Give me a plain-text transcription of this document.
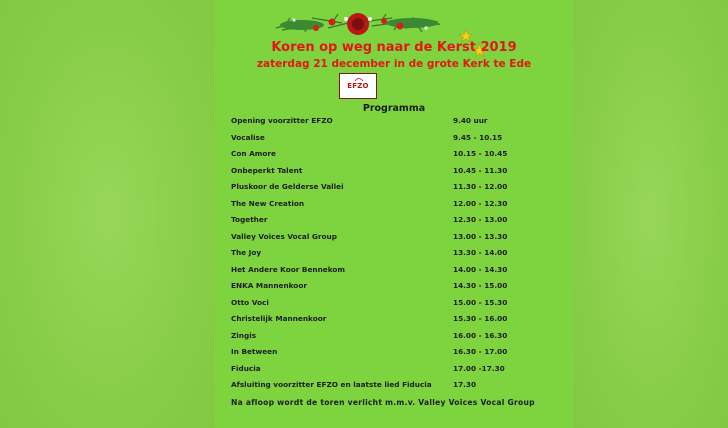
Koren op weg naar de Kerst 2019
zaterdag 21 december in de grote Kerk te Ede
EFZO
Programma
Opening voorzitter EFZO	9.40 uur
Vocalise	9.45 - 10.15
Con Amore	10.15 - 10.45
Onbeperkt Talent	10.45 - 11.30
Pluskoor de Gelderse Vallei	11.30 - 12.00
The New Creation	12.00 - 12.30
Together	12.30 - 13.00
Valley Voices Vocal Group	13.00 - 13.30
The Joy	13.30 - 14.00
Het Andere Koor Bennekom	14.00 - 14.30
ENKA Mannenkoor	14.30 - 15.00
Otto Voci	15.00 - 15.30
Christelijk Mannenkoor	15.30 - 16.00
Zingis	16.00 - 16.30
In Between	16.30 - 17.00
Fiducia	17.00 -17.30
Afsluiting voorzitter EFZO en laatste lied Fiducia	17.30
Na afloop wordt de toren verlicht m.m.v. Valley Voices Vocal Group
